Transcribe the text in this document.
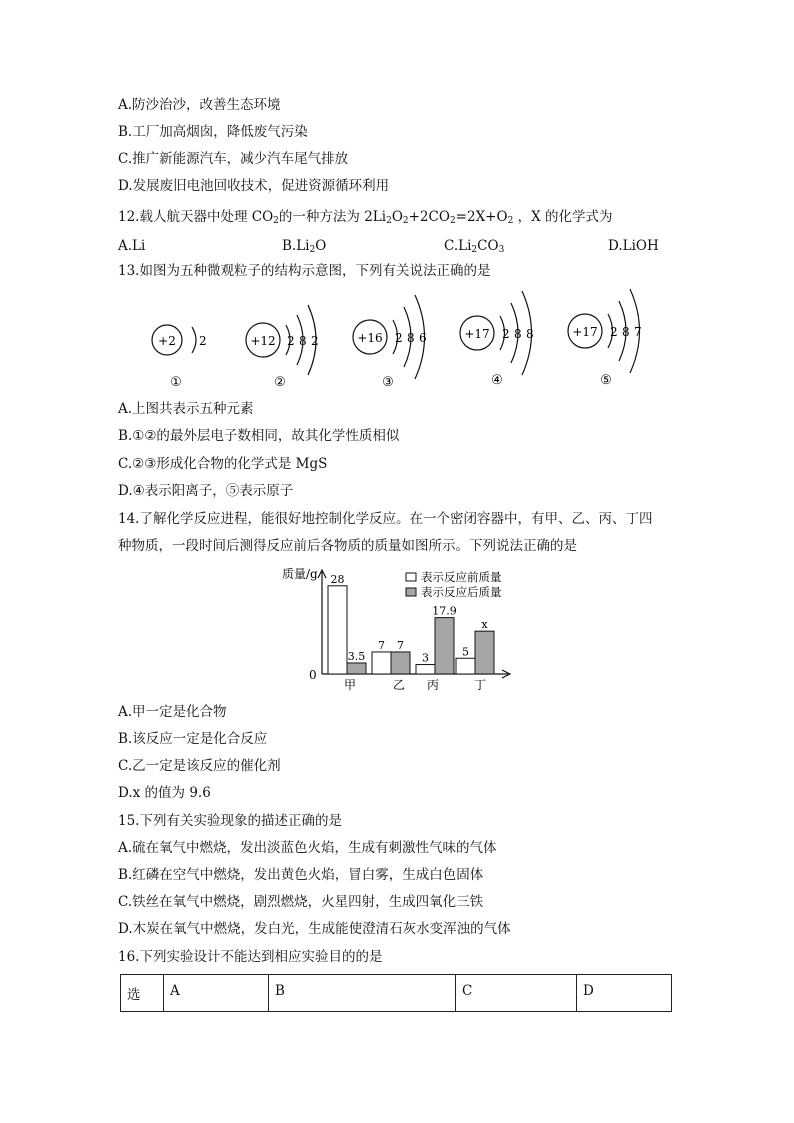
A.防沙治沙，改善生态环境
B.工厂加高烟囱，降低废气污染
C.推广新能源汽车，减少汽车尾气排放
D.发展废旧电池回收技术，促进资源循环利用
12.载人航天器中处理 $CO_2$的一种方法为 $2Li_2O_2+2CO_2=2X+O_2$ ，X 的化学式为
A.Li	$B.Li_2O$	$C.Li_2CO_3$	D.LiOH
13.如图为五种微观粒子的结构示意图，下列有关说法正确的是
+2 2
①
+12 2 8 2
②
+16 2 8 6
③
+17 2 8 8
④
+17 2 8 7
⑤
A.上图共表示五种元素
B.①②的最外层电子数相同，故其化学性质相似
C.②③形成化合物的化学式是 MgS
D.④表示阳离子，⑤表示原子
14.了解化学反应进程，能很好地控制化学反应。在一个密闭容器中，有甲、乙、丙、丁四
种物质，一段时间后测得反应前后各物质的质量如图所示。下列说法正确的是
质量/g
0
表示反应前质量
表示反应后质量
28
3.5
甲
7 7
乙
3
17.9
丙
5
x
丁
A.甲一定是化合物
B.该反应一定是化合反应
C.乙一定是该反应的催化剂
D.x 的值为 9.6
15.下列有关实验现象的描述正确的是
A.硫在氧气中燃烧，发出淡蓝色火焰，生成有刺激性气味的气体
B.红磷在空气中燃烧，发出黄色火焰，冒白雾，生成白色固体
C.铁丝在氧气中燃烧，剧烈燃烧，火星四射，生成四氧化三铁
D.木炭在氧气中燃烧，发白光，生成能使澄清石灰水变浑浊的气体
16.下列实验设计不能达到相应实验目的的是
选	A	B	C	D
